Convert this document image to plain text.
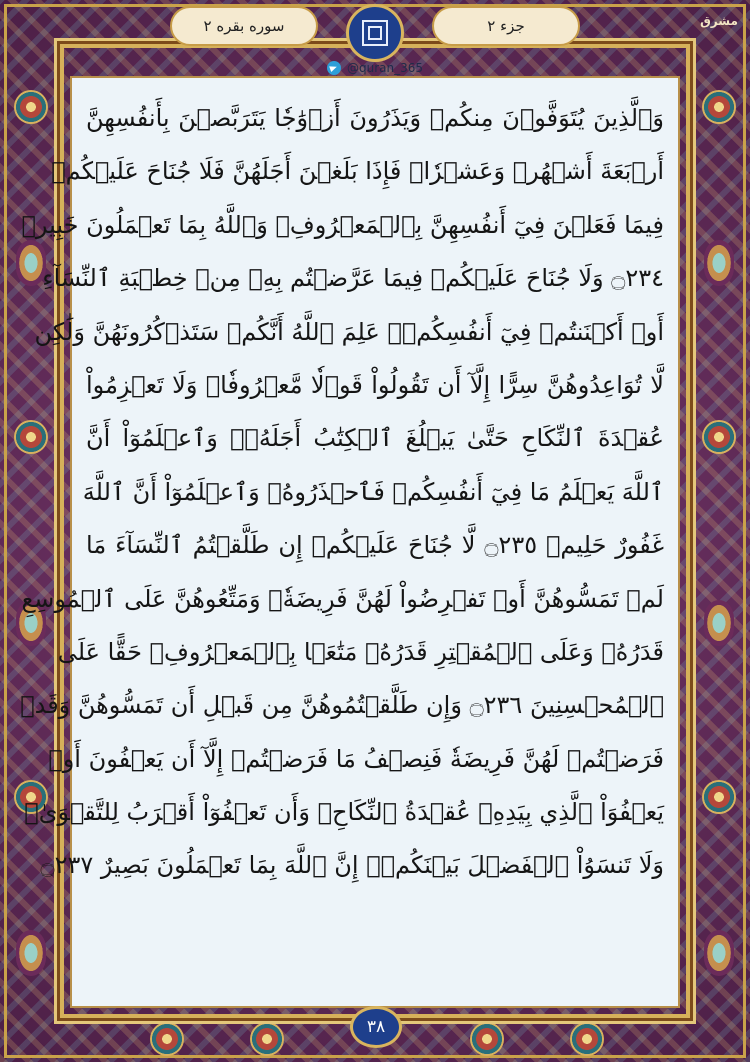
سوره بقره ۲	جزء ۲	مشرق
@quran_365
وَٱلَّذِينَ يُتَوَفَّوۡنَ مِنكُمۡ وَيَذَرُونَ أَزۡوَٰجٗا يَتَرَبَّصۡنَ بِأَنفُسِهِنَّ
أَرۡبَعَةَ أَشۡهُرٖ وَعَشۡرٗاۖ فَإِذَا بَلَغۡنَ أَجَلَهُنَّ فَلَا جُنَاحَ عَلَيۡكُمۡ
فِيمَا فَعَلۡنَ فِيٓ أَنفُسِهِنَّ بِٱلۡمَعۡرُوفِۗ وَٱللَّهُ بِمَا تَعۡمَلُونَ خَبِيرٞ
۝٢٣٤ وَلَا جُنَاحَ عَلَيۡكُمۡ فِيمَا عَرَّضۡتُم بِهِۦ مِنۡ خِطۡبَةِ ٱلنِّسَآءِ
أَوۡ أَكۡنَنتُمۡ فِيٓ أَنفُسِكُمۡۚ عَلِمَ ٱللَّهُ أَنَّكُمۡ سَتَذۡكُرُونَهُنَّ وَلَٰكِن
لَّا تُوَاعِدُوهُنَّ سِرًّا إِلَّآ أَن تَقُولُواْ قَوۡلٗا مَّعۡرُوفٗاۚ وَلَا تَعۡزِمُواْ
عُقۡدَةَ ٱلنِّكَاحِ حَتَّىٰ يَبۡلُغَ ٱلۡكِتَٰبُ أَجَلَهُۥۚ وَٱعۡلَمُوٓاْ أَنَّ
ٱللَّهَ يَعۡلَمُ مَا فِيٓ أَنفُسِكُمۡ فَٱحۡذَرُوهُۚ وَٱعۡلَمُوٓاْ أَنَّ ٱللَّهَ
غَفُورٌ حَلِيمٞ ۝٢٣٥ لَّا جُنَاحَ عَلَيۡكُمۡ إِن طَلَّقۡتُمُ ٱلنِّسَآءَ مَا
لَمۡ تَمَسُّوهُنَّ أَوۡ تَفۡرِضُواْ لَهُنَّ فَرِيضَةٗۚ وَمَتِّعُوهُنَّ عَلَى ٱلۡمُوسِعِ
قَدَرُهُۥ وَعَلَى ٱلۡمُقۡتِرِ قَدَرُهُۥ مَتَٰعَۢا بِٱلۡمَعۡرُوفِۖ حَقًّا عَلَى
ٱلۡمُحۡسِنِينَ ۝٢٣٦ وَإِن طَلَّقۡتُمُوهُنَّ مِن قَبۡلِ أَن تَمَسُّوهُنَّ وَقَدۡ
فَرَضۡتُمۡ لَهُنَّ فَرِيضَةٗ فَنِصۡفُ مَا فَرَضۡتُمۡ إِلَّآ أَن يَعۡفُونَ أَوۡ
يَعۡفُوَاْ ٱلَّذِي بِيَدِهِۦ عُقۡدَةُ ٱلنِّكَاحِۚ وَأَن تَعۡفُوٓاْ أَقۡرَبُ لِلتَّقۡوَىٰۚ
وَلَا تَنسَوُاْ ٱلۡفَضۡلَ بَيۡنَكُمۡۚ إِنَّ ٱللَّهَ بِمَا تَعۡمَلُونَ بَصِيرٌ ۝٢٣٧
۳۸
